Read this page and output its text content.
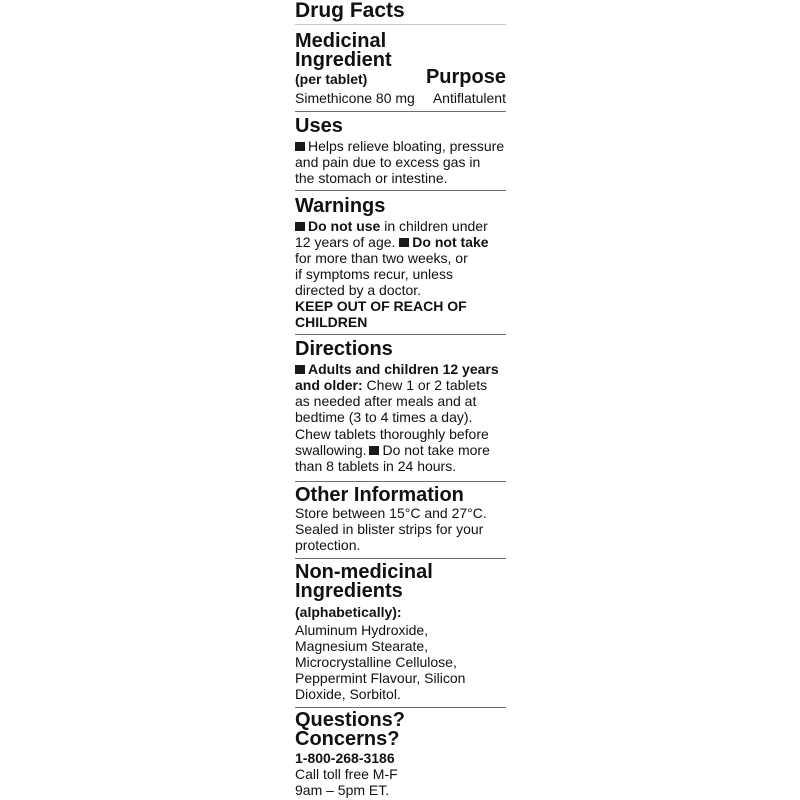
Drug Facts
Medicinal
Ingredient
(per tablet)	Purpose
Simethicone 80 mg Antiflatulent
Uses
Helps relieve bloating, pressure
and pain due to excess gas in
the stomach or intestine.
Warnings
Do not use in children under
12 years of age. Do not take
for more than two weeks, or
if symptoms recur, unless
directed by a doctor.
KEEP OUT OF REACH OF
CHILDREN
Directions
Adults and children 12 years
and older: Chew 1 or 2 tablets
as needed after meals and at
bedtime (3 to 4 times a day).
Chew tablets thoroughly before
swallowing. Do not take more
than 8 tablets in 24 hours.
Other Information
Store between 15°C and 27°C.
Sealed in blister strips for your
protection.
Non-medicinal
Ingredients
(alphabetically):
Aluminum Hydroxide,
Magnesium Stearate,
Microcrystalline Cellulose,
Peppermint Flavour, Silicon
Dioxide, Sorbitol.
Questions?
Concerns?
1-800-268-3186
Call toll free M-F
9am – 5pm ET.
